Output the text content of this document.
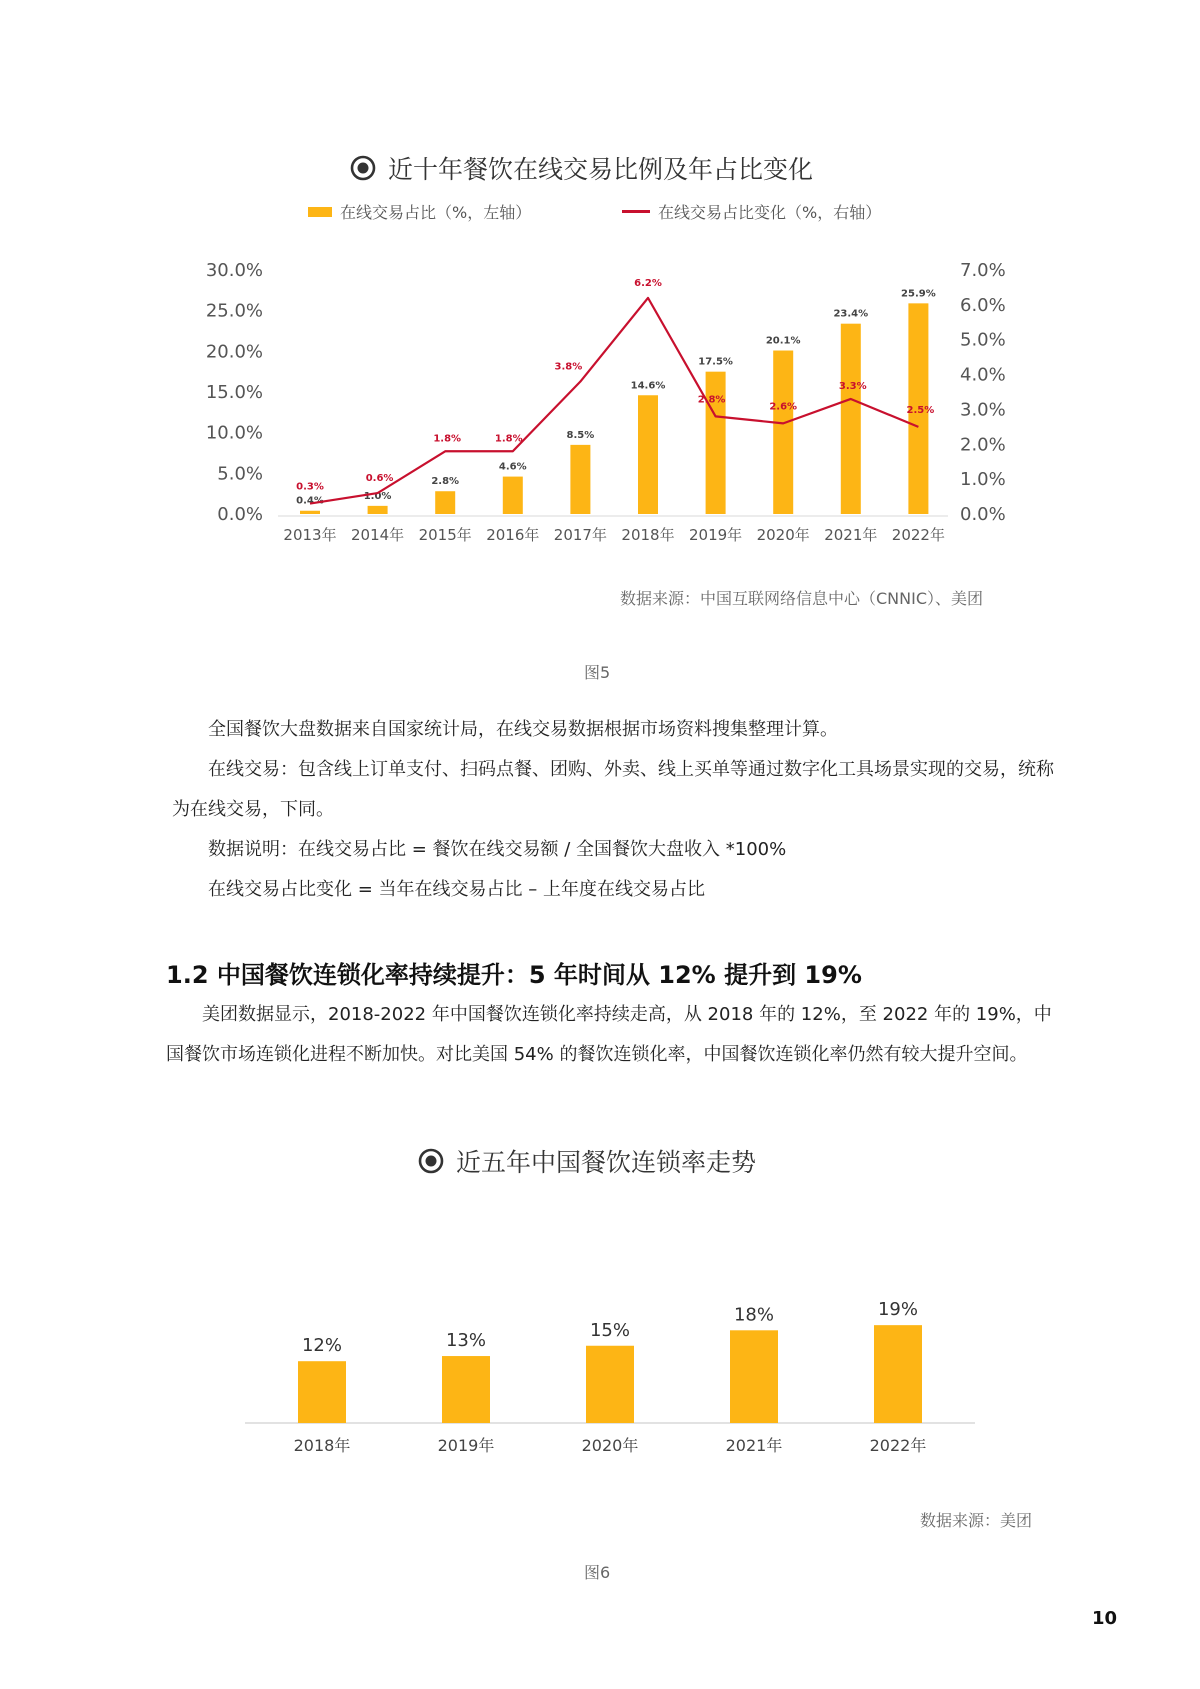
近十年餐饮在线交易比例及年占比变化
在线交易占比（%，左轴）	在线交易占比变化（%，右轴）
0.0%
5.0%
10.0%
15.0%
20.0%
25.0%
30.0%
0.0%
1.0%
2.0%
3.0%
4.0%
5.0%
6.0%
7.0%
0.4%
2013年
1.0%
2014年
2.8%
2015年
4.6%
2016年
8.5%
2017年
14.6%
2018年
17.5%
2019年
20.1%
2020年
23.4%
2021年
25.9%
2022年
0.3%
0.6%
1.8%	1.8%
3.8%
6.2%
2.8%
2.6%
3.3%
2.5%
数据来源：中国互联网络信息中心（CNNIC）、美团
图5

全国餐饮大盘数据来自国家统计局，在线交易数据根据市场资料搜集整理计算。

在线交易：包含线上订单支付、扫码点餐、团购、外卖、线上买单等通过数字化工具场景实现的交易，统称为在线交易，下同。

数据说明：在线交易占比 = 餐饮在线交易额 / 全国餐饮大盘收入 *100%

在线交易占比变化 = 当年在线交易占比 – 上年度在线交易占比

1.2 中国餐饮连锁化率持续提升：5 年时间从 12% 提升到 19%

美团数据显示，2018-2022 年中国餐饮连锁化率持续走高，从 2018 年的 12%，至 2022 年的 19%，中国餐饮市场连锁化进程不断加快。对比美国 54% 的餐饮连锁化率，中国餐饮连锁化率仍然有较大提升空间。

近五年中国餐饮连锁率走势
12%
2018年
13%
2019年
15%
2020年
18%
2021年
19%
2022年
数据来源：美团
图6
10
